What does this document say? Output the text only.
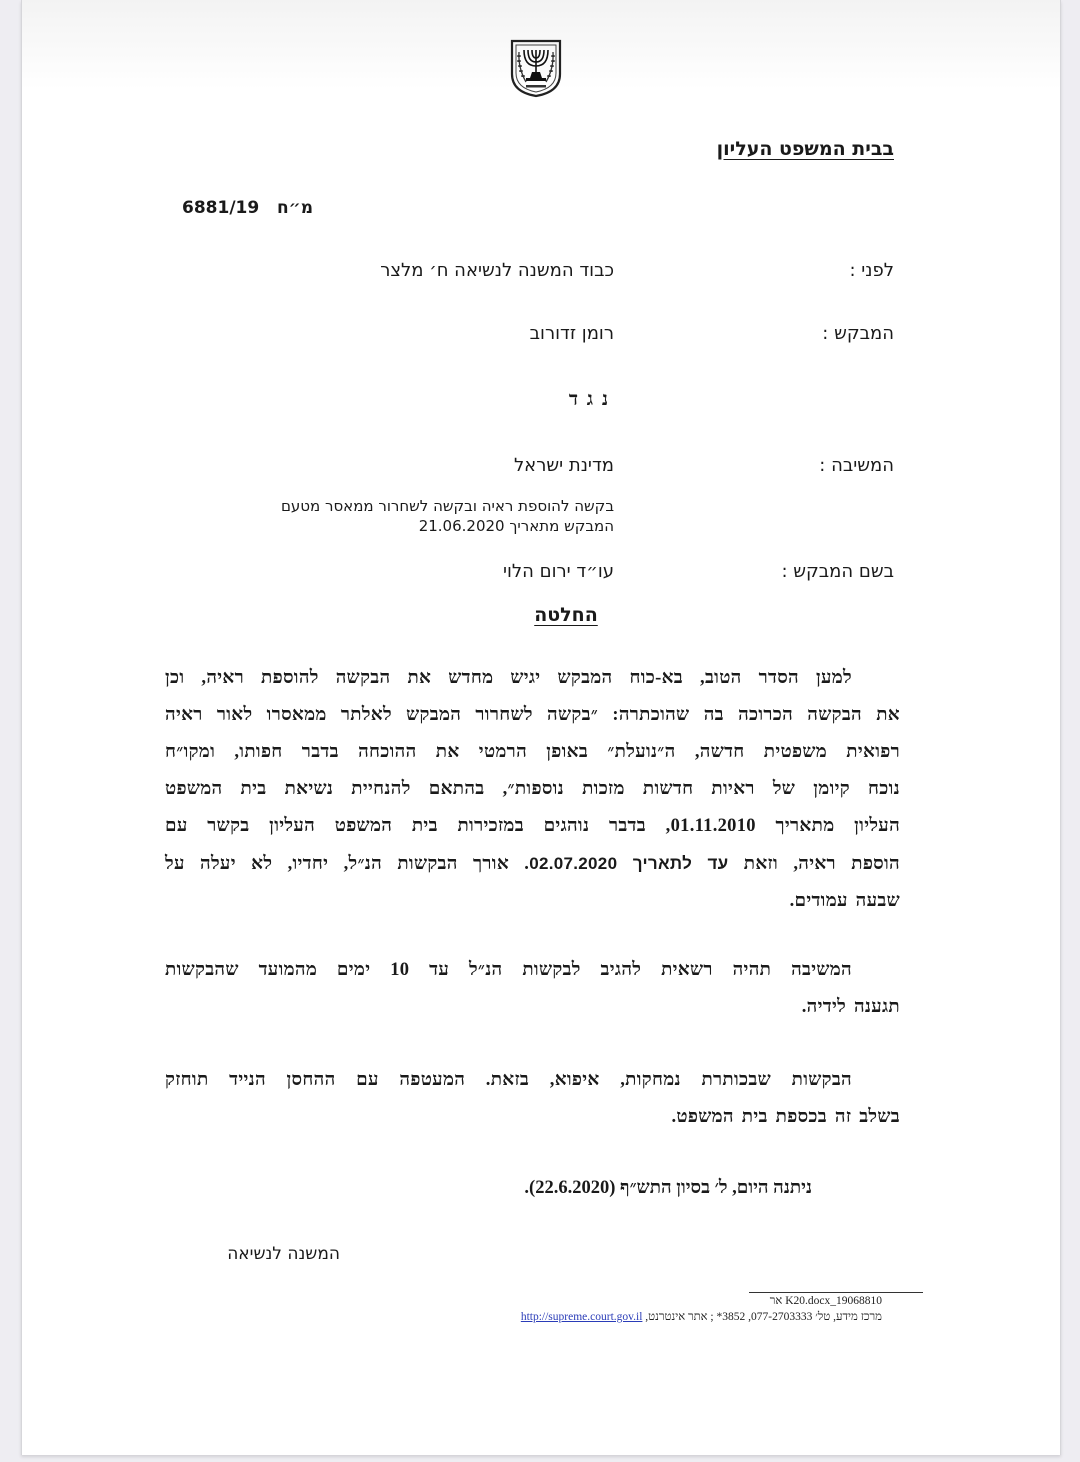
בבית המשפט העליון
מ״ח   6881/19
לפני :
כבוד המשנה לנשיאה ח׳ מלצר
המבקש :
רומן זדורוב
נ ג ד
המשיבה :
מדינת ישראל
בקשה להוספת ראיה ובקשה לשחרור ממאסר מטעם
המבקש מתאריך 21.06.2020
בשם המבקש :
עו״ד ירום הלוי
החלטה
למען הסדר הטוב, בא-כוח המבקש יגיש מחדש את הבקשה להוספת ראיה, וכן
את הבקשה הכרוכה בה שהוכתרה: ״בקשה לשחרור המבקש לאלתר ממאסרו לאור ראיה
רפואית משפטית חדשה, ה״נועלת״ באופן הרמטי את ההוכחה בדבר חפותו, ומקו״ח
נוכח קיומן של ראיות חדשות מזכות נוספות״, בהתאם להנחיית נשיאת בית המשפט
העליון מתאריך 01.11.2010, בדבר נוהגים במזכירות בית המשפט העליון בקשר עם
הוספת ראיה, וזאת עד לתאריך 02.07.2020. אורך הבקשות הנ״ל, יחדיו, לא יעלה על
שבעה עמודים.
המשיבה תהיה רשאית להגיב לבקשות הנ״ל עד 10 ימים מהמועד שהבקשות
תגענה לידיה.
הבקשות שבכותרת נמחקות, איפוא, בזאת. המעטפה עם ההחסן הנייד תוחזק
בשלב זה בכספת בית המשפט.
ניתנה היום, ל׳ בסיון התש״ף (22.6.2020).
המשנה לנשיאה
19068810_K20.docx אר
מרכז מידע, טל׳ 077-2703333, 3852* ; אתר אינטרנט, http://supreme.court.gov.il
